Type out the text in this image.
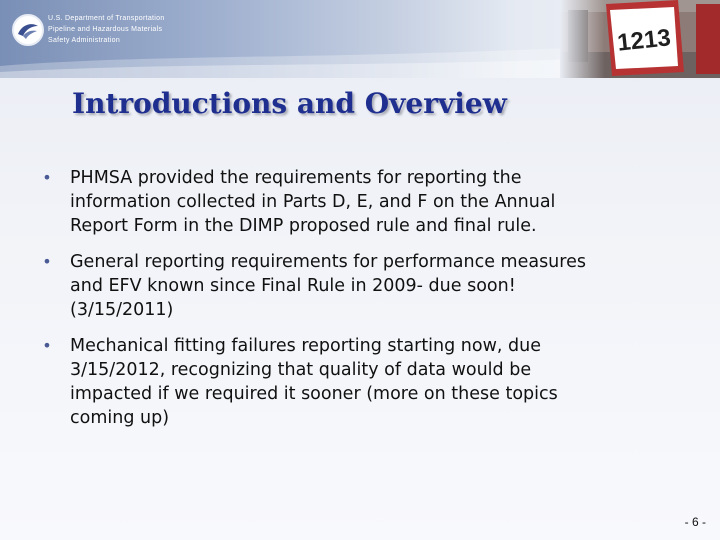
U.S. Department of Transportation
Pipeline and Hazardous Materials
Safety Administration
Introductions and Overview
• PHMSA provided the requirements for reporting the
information collected in Parts D, E, and F on the Annual
Report Form in the DIMP proposed rule and final rule.
• General reporting requirements for performance measures
and EFV known since Final Rule in 2009- due soon!
(3/15/2011)
• Mechanical fitting failures reporting starting now, due
3/15/2012, recognizing that quality of data would be
impacted if we required it sooner (more on these topics
coming up)
- 6 -
